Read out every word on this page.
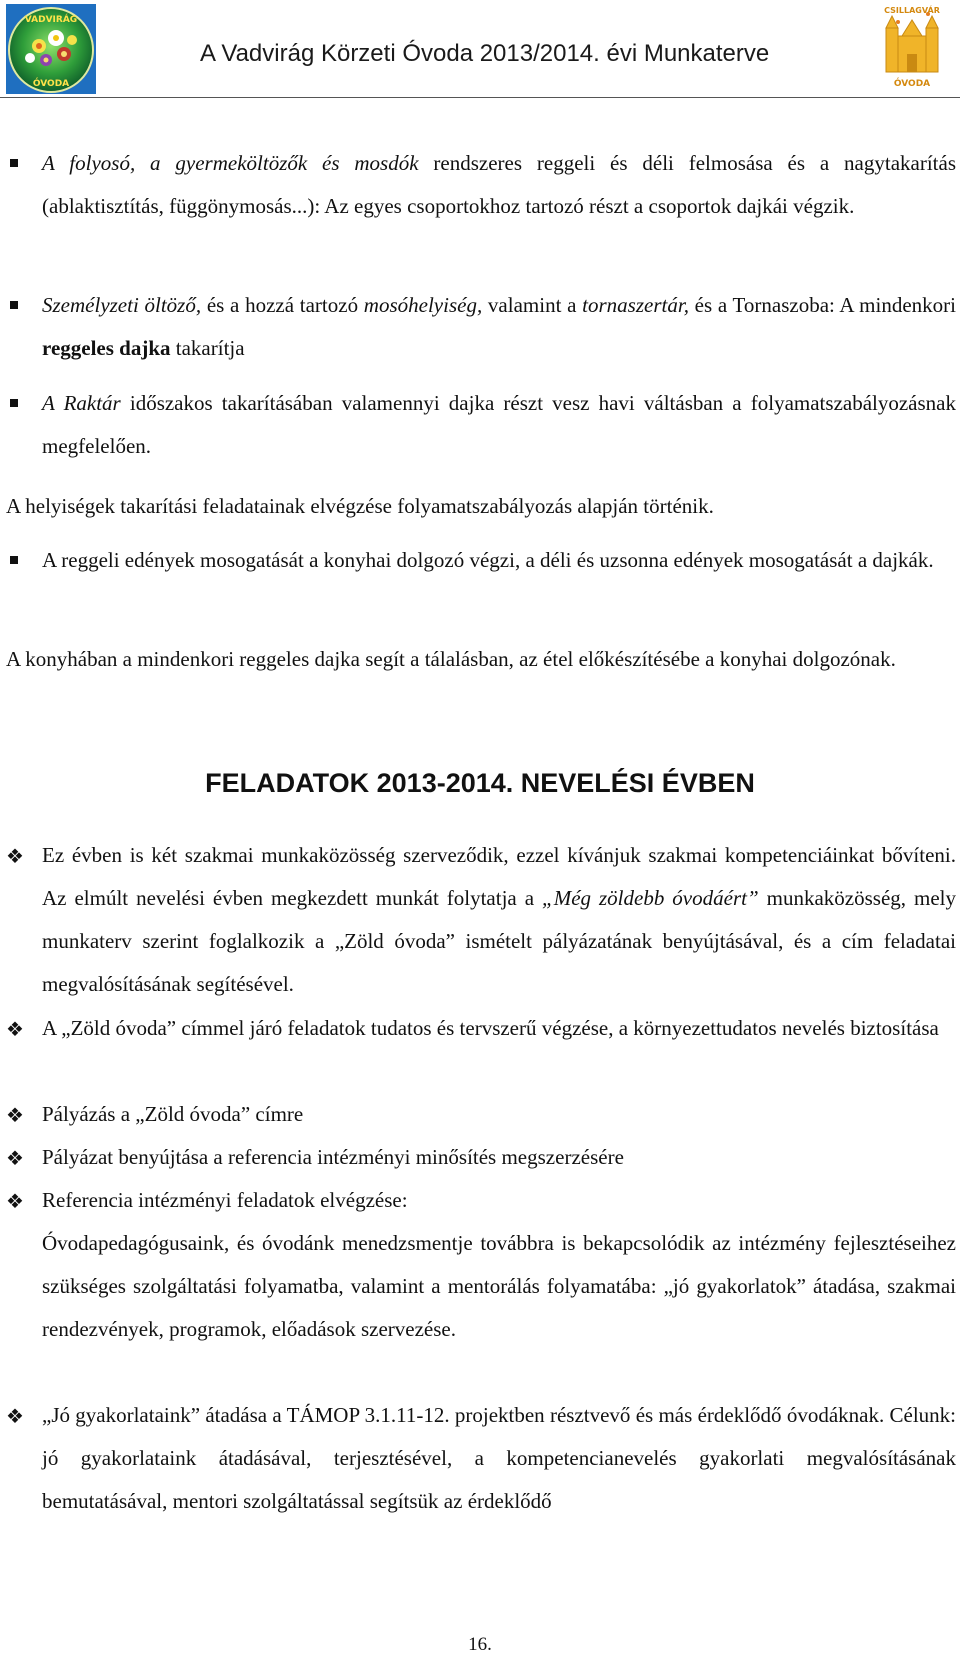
VADVIRÁG
ÓVODA
A Vadvirág Körzeti Óvoda 2013/2014. évi Munkaterve
CSILLAGVÁR
ÓVODA
A folyosó, a gyermeköltözők és mosdók rendszeres reggeli és déli felmosása és a nagytakarítás (ablaktisztítás, függönymosás...): Az egyes csoportokhoz tartozó részt a csoportok dajkái végzik.
Személyzeti öltöző, és a hozzá tartozó mosóhelyiség, valamint a tornaszertár, és a Tornaszoba: A mindenkori reggeles dajka takarítja
A Raktár időszakos takarításában valamennyi dajka részt vesz havi váltásban a folyamatszabályozásnak megfelelően.
A helyiségek takarítási feladatainak elvégzése folyamatszabályozás alapján történik.
A reggeli edények mosogatását a konyhai dolgozó végzi, a déli és uzsonna edények mosogatását a dajkák.
A konyhában a mindenkori reggeles dajka segít a tálalásban, az étel előkészítésébe a konyhai dolgozónak.
FELADATOK 2013-2014. NEVELÉSI ÉVBEN
❖ Ez évben is két szakmai munkaközösség szerveződik, ezzel kívánjuk szakmai kompetenciáinkat bővíteni. Az elmúlt nevelési évben megkezdett munkát folytatja a „Még zöldebb óvodáért” munkaközösség, mely munkaterv szerint foglalkozik a „Zöld óvoda” ismételt pályázatának benyújtásával, és a cím feladatai megvalósításának segítésével.
❖ A „Zöld óvoda” címmel járó feladatok tudatos és tervszerű végzése, a környezettudatos nevelés biztosítása
❖ Pályázás a „Zöld óvoda” címre
❖ Pályázat benyújtása a referencia intézményi minősítés megszerzésére
❖ Referencia intézményi feladatok elvégzése:
Óvodapedagógusaink, és óvodánk menedzsmentje továbbra is bekapcsolódik az intézmény fejlesztéseihez szükséges szolgáltatási folyamatba, valamint a mentorálás folyamatába: „jó gyakorlatok” átadása, szakmai rendezvények, programok, előadások szervezése.
❖ „Jó gyakorlataink” átadása a TÁMOP 3.1.11-12. projektben résztvevő és más érdeklődő óvodáknak. Célunk: jó gyakorlataink átadásával, terjesztésével, a kompetencianevelés gyakorlati megvalósításának bemutatásával, mentori szolgáltatással segítsük az érdeklődő
16.
